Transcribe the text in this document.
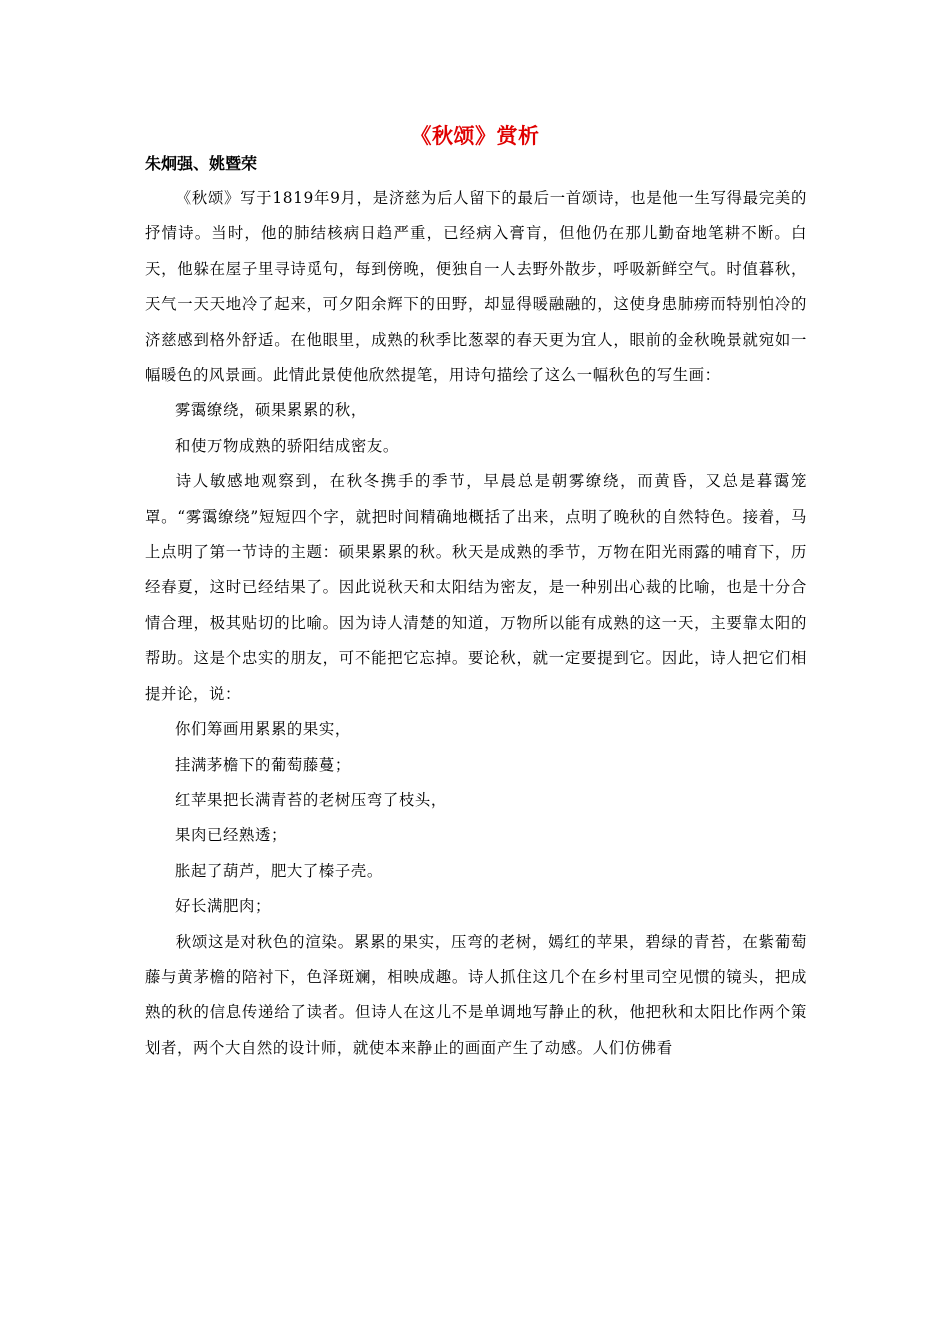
《秋颂》赏析
朱炯强、姚暨荣

《秋颂》写于1819年9月，是济慈为后人留下的最后一首颂诗，也是他一生写得最完美的抒情诗。当时，他的肺结核病日趋严重，已经病入膏肓，但他仍在那儿勤奋地笔耕不断。白天，他躲在屋子里寻诗觅句，每到傍晚，便独自一人去野外散步，呼吸新鲜空气。时值暮秋，天气一天天地冷了起来，可夕阳余辉下的田野，却显得暖融融的，这使身患肺痨而特别怕冷的济慈感到格外舒适。在他眼里，成熟的秋季比葱翠的春天更为宜人，眼前的金秋晚景就宛如一幅暖色的风景画。此情此景使他欣然提笔，用诗句描绘了这么一幅秋色的写生画：

雾霭缭绕，硕果累累的秋，

和使万物成熟的骄阳结成密友。

诗人敏感地观察到，在秋冬携手的季节，早晨总是朝雾缭绕，而黄昏，又总是暮霭笼罩。“雾霭缭绕”短短四个字，就把时间精确地概括了出来，点明了晚秋的自然特色。接着，马上点明了第一节诗的主题：硕果累累的秋。秋天是成熟的季节，万物在阳光雨露的哺育下，历经春夏，这时已经结果了。因此说秋天和太阳结为密友，是一种别出心裁的比喻，也是十分合情合理，极其贴切的比喻。因为诗人清楚的知道，万物所以能有成熟的这一天，主要靠太阳的帮助。这是个忠实的朋友，可不能把它忘掉。要论秋，就一定要提到它。因此，诗人把它们相提并论，说：

你们筹画用累累的果实，

挂满茅檐下的葡萄藤蔓；

红苹果把长满青苔的老树压弯了枝头，

果肉已经熟透；

胀起了葫芦，肥大了榛子壳。

好长满肥肉；

秋颂这是对秋色的渲染。累累的果实，压弯的老树，嫣红的苹果，碧绿的青苔，在紫葡萄藤与黄茅檐的陪衬下，色泽斑斓，相映成趣。诗人抓住这几个在乡村里司空见惯的镜头，把成熟的秋的信息传递给了读者。但诗人在这儿不是单调地写静止的秋，他把秋和太阳比作两个策划者，两个大自然的设计师，就使本来静止的画面产生了动感。人们仿佛看
